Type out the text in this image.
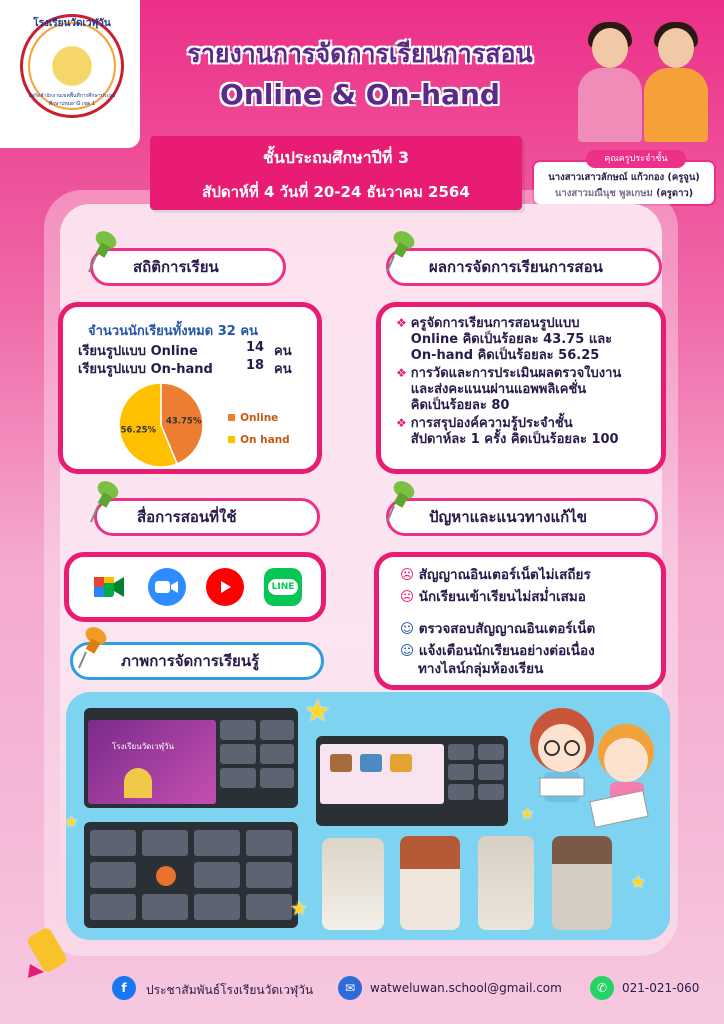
โรงเรียนวัดเวฬุวัน
สังกัดสำนักงานเขตพื้นที่การศึกษาประถมศึกษาปทุมธานี เขต 1
รายงานการจัดการเรียนการสอน
Online & On-hand
คุณครูประจำชั้น
นางสาวเสาวลักษณ์ แก้วกอง (ครูจูน)
นางสาวมณีนุช พูลเกษม (ครูดาว)
ชั้นประถมศึกษาปีที่ 3
สัปดาห์ที่ 4 วันที่ 20-24 ธันวาคม 2564
สถิติการเรียน
จำนวนนักเรียนทั้งหมด 32 คน
เรียนรูปแบบ Online	14 คน
เรียนรูปแบบ On-hand	18 คน
43.75%
56.25%
Online
On hand
ผลการจัดการเรียนการสอน
❖ ครูจัดการเรียนการสอนรูปแบบ
Online คิดเป็นร้อยละ 43.75 และ
On-hand คิดเป็นร้อยละ 56.25
❖ การวัดและการประเมินผลตรวจใบงาน
และส่งคะแนนผ่านแอพพลิเคชั่น
คิดเป็นร้อยละ 80
❖ การสรุปองค์ความรู้ประจำชั้น
สัปดาห์ละ 1 ครั้ง คิดเป็นร้อยละ 100
สื่อการสอนที่ใช้
LINE
ภาพการจัดการเรียนรู้
ปัญหาและแนวทางแก้ไข
☹ สัญญาณอินเตอร์เน็ตไม่เสถียร
☹ นักเรียนเข้าเรียนไม่สม่ำเสมอ
☺ ตรวจสอบสัญญาณอินเตอร์เน็ต
☺ แจ้งเตือนนักเรียนอย่างต่อเนื่อง
ทางไลน์กลุ่มห้องเรียน
โรงเรียนวัดเวฬุวัน
★
★
★
★
★
f	ประชาสัมพันธ์โรงเรียนวัดเวฬุวัน	✉	watweluwan.school@gmail.com	✆	021-021-060
